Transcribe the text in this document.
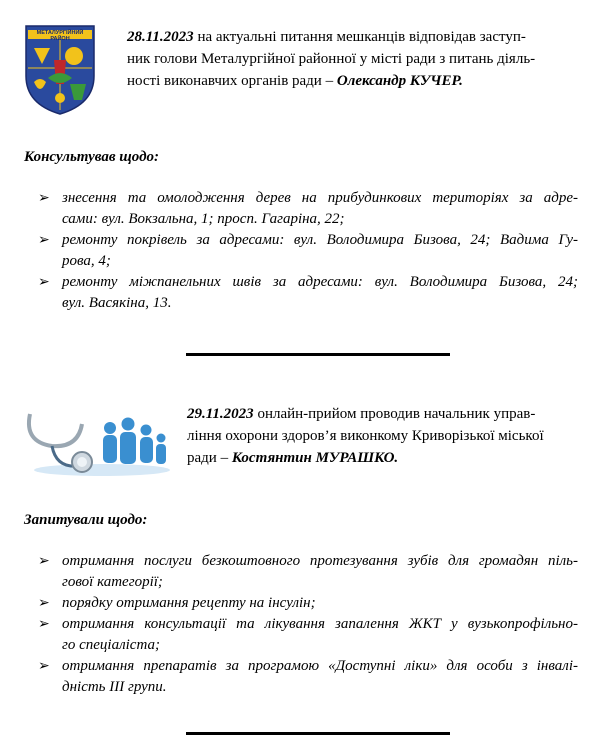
МЕТАЛУРГІЙНИЙ РАЙОН	28.11.2023 на актуальні питання мешканців відповідав заступ-
ник голови Металургійної районної у місті ради з питань діяль-
ності виконавчих органів ради – Олександр КУЧЕР.
Консультував щодо:
➢ знесення та омолодження дерев на прибудинкових територіях за адре-
сами: вул. Вокзальна, 1; просп. Гагаріна, 22;
➢ ремонту покрівель за адресами: вул. Володимира Бизова, 24; Вадима Гу-
рова, 4;
➢ ремонту міжпанельних швів за адресами: вул. Володимира Бизова, 24;
вул. Васякіна, 13.
29.11.2023 онлайн-прийом проводив начальник управ-
ління охорони здоров’я виконкому Криворізької міської
ради – Костянтин МУРАШКО.
Запитували щодо:
➢ отримання послуги безкоштовного протезування зубів для громадян піль-
гової категорії;
➢ порядку отримання рецепту на інсулін;
➢ отримання консультації та лікування запалення ЖКТ у вузькопрофільно-
го спеціаліста;
➢ отримання препаратів за програмою «Доступні ліки» для особи з інвалі-
дність ІІІ групи.
